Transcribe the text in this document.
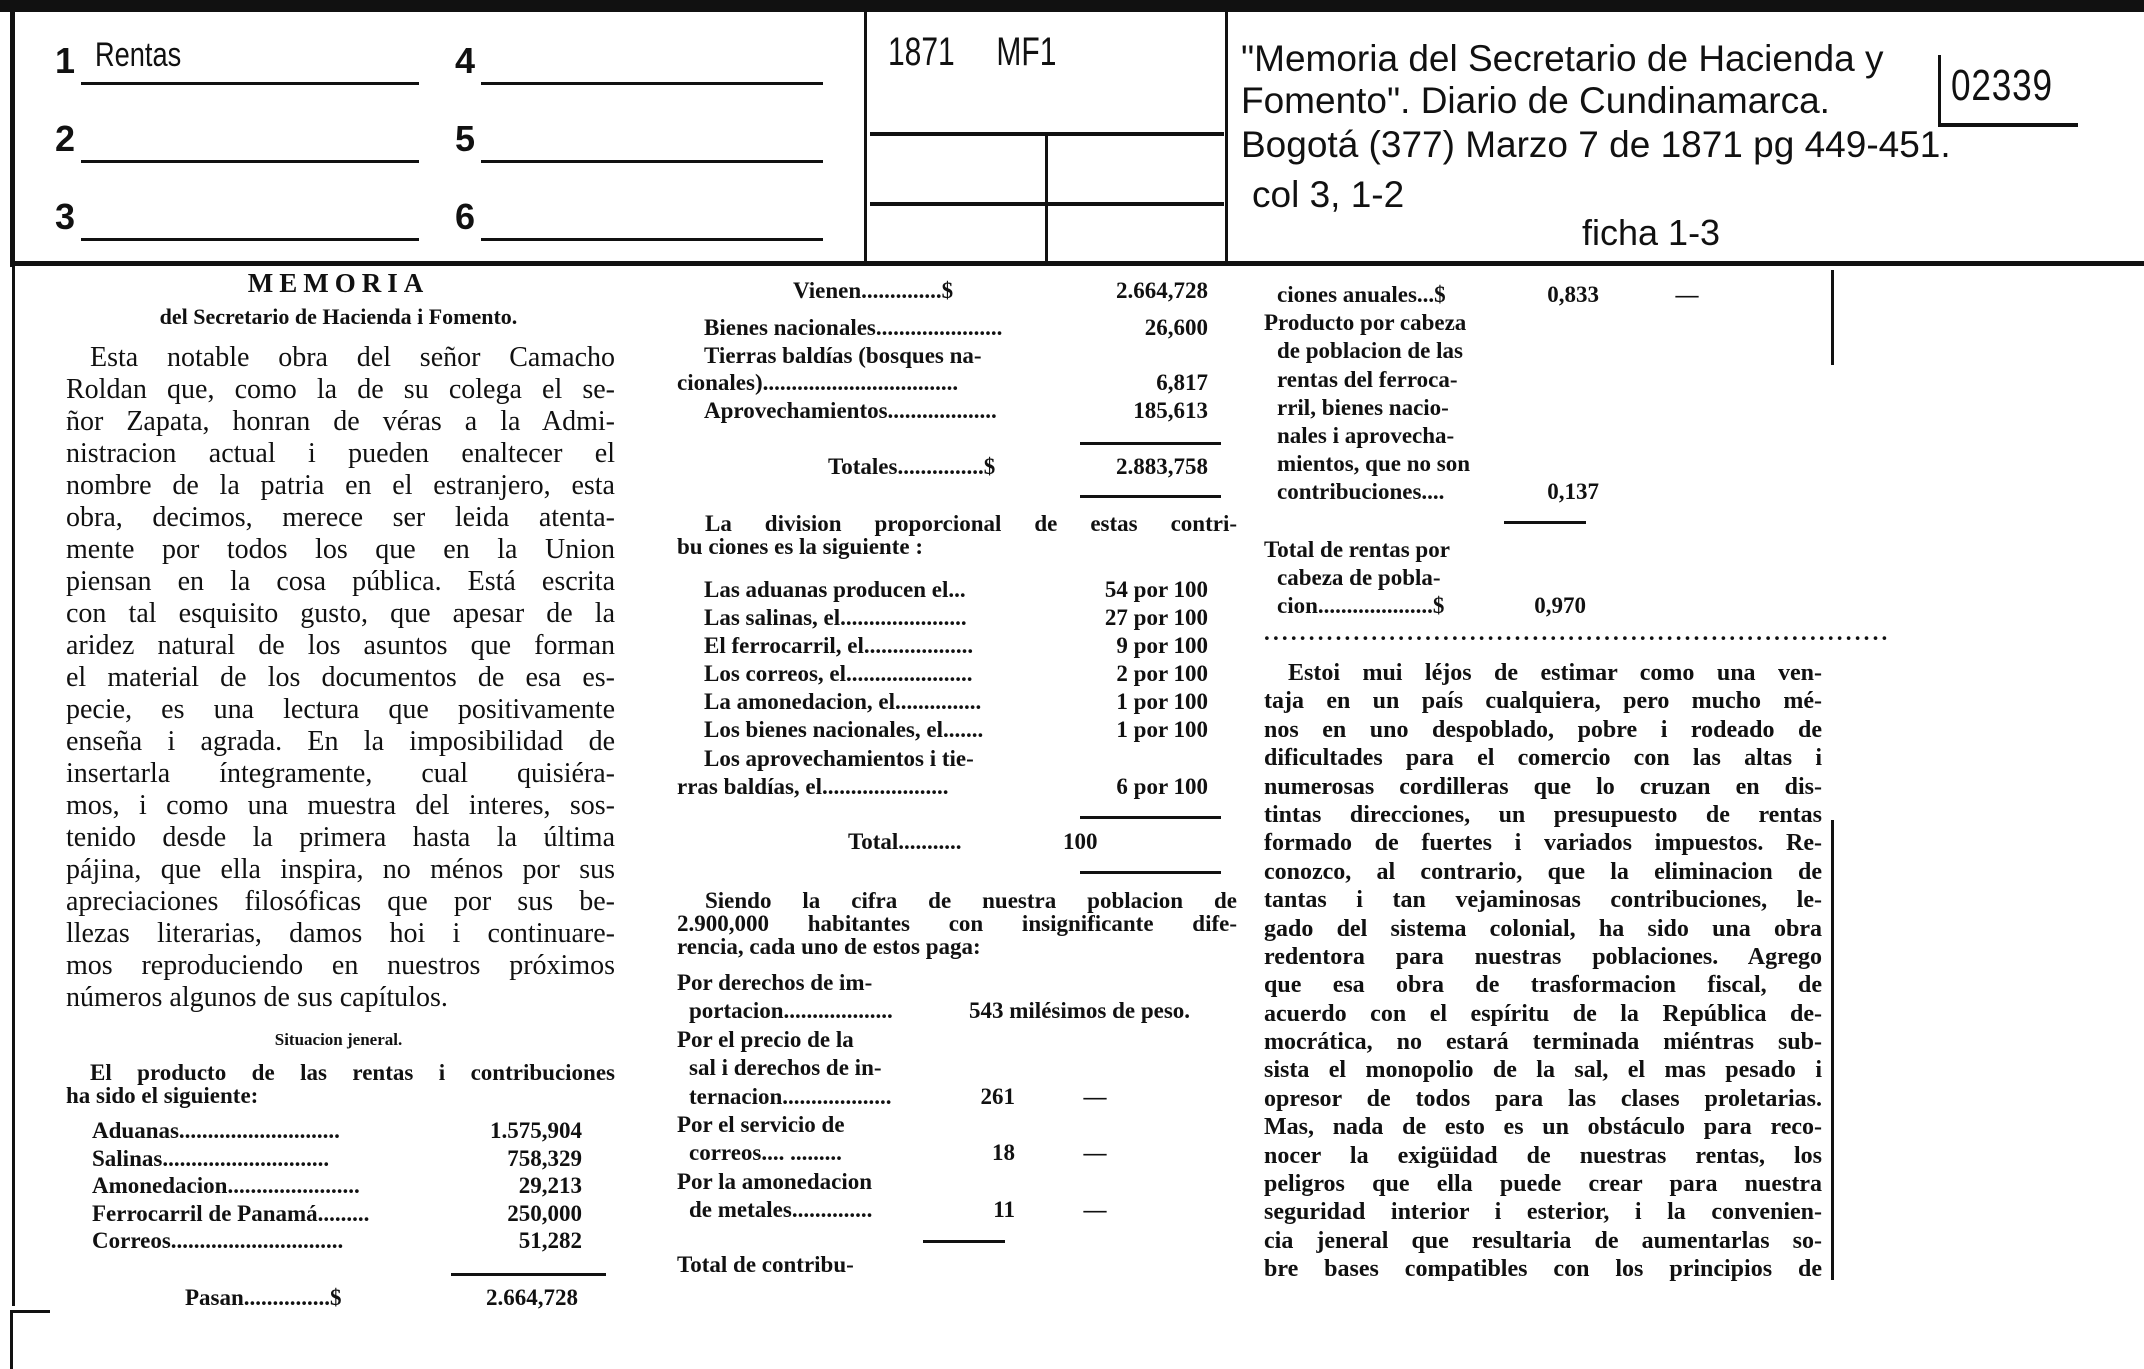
1 Rentas
2
3
4
5
6
1871     MF1	"Memoria del Secretario de Hacienda y
Fomento". Diario de Cundinamarca.
Bogotá (377) Marzo 7 de 1871 pg 449-451.
col 3, 1-2
ficha 1-3
02339
MEMORIA
del Secretario de Hacienda i Fomento.
Esta notable obra del señor Camacho
Roldan que, como la de su colega el se-
ñor Zapata, honran de véras a la Admi-
nistracion actual i pueden enaltecer el
nombre de la patria en el estranjero, esta
obra, decimos, merece ser leida atenta-
mente por todos los que en la Union
piensan en la cosa pública. Está escrita
con tal esquisito gusto, que apesar de la
aridez natural de los asuntos que forman
el material de los documentos de esa es-
pecie, es una lectura que positivamente
enseña i agrada. En la imposibilidad de
insertarla íntegramente, cual quisiéra-
mos, i como una muestra del interes, sos-
tenido desde la primera hasta la última
pájina, que ella inspira, no ménos por sus
apreciaciones filosóficas que por sus be-
llezas literarias, damos hoi i continuare-
mos reproduciendo en nuestros próximos
números algunos de sus capítulos.
Situacion jeneral.
El producto de las rentas i contribuciones
ha sido el siguiente:
Aduanas............................	1.575,904
Salinas.............................	758,329
Amonedacion.......................	29,213
Ferrocarril de Panamá.........	250,000
Correos..............................	51,282
Pasan...............$	2.664,728
Vienen..............$	2.664,728
Bienes nacionales......................	26,600
Tierras baldías (bosques na-
cionales)..................................	6,817
Aprovechamientos...................	185,613
Totales...............$	2.883,758
La division proporcional de estas contri-
bu ciones es la siguiente :
Las aduanas producen el...	54 por 100
Las salinas, el......................	27 por 100
El ferrocarril, el...................	9 por 100
Los correos, el......................	2 por 100
La amonedacion, el...............	1 por 100
Los bienes nacionales, el.......	1 por 100
Los aprovechamientos i tie-
rras baldías, el......................	6 por 100
Total...........	100
Siendo la cifra de nuestra poblacion de
2.900,000 habitantes con insignificante dife-
rencia, cada uno de estos paga:
Por derechos de im-
portacion...................	543 milésimos de peso.
Por el precio de la
sal i derechos de in-
ternacion...................	261	—
Por el servicio de
correos.... .........	18	—
Por la amonedacion
de metales..............	11	—
Total de contribu-
ciones anuales...$	0,833	—
Producto por cabeza
de poblacion de las
rentas del ferroca-
rril, bienes nacio-
nales i aprovecha-
mientos, que no son
contribuciones....	0,137
Total de rentas por
cabeza de pobla-
cion....................$	0,970
......................................................................
Estoi mui léjos de estimar como una ven-
taja en un país cualquiera, pero mucho mé-
nos en uno despoblado, pobre i rodeado de
dificultades para el comercio con las altas i
numerosas cordilleras que lo cruzan en dis-
tintas direcciones, un presupuesto de rentas
formado de fuertes i variados impuestos. Re-
conozco, al contrario, que la eliminacion de
tantas i tan vejaminosas contribuciones, le-
gado del sistema colonial, ha sido una obra
redentora para nuestras poblaciones. Agrego
que esa obra de trasformacion fiscal, de
acuerdo con el espíritu de la República de-
mocrática, no estará terminada miéntras sub-
sista el monopolio de la sal, el mas pesado i
opresor de todos para las clases proletarias.
Mas, nada de esto es un obstáculo para reco-
nocer la exigüidad de nuestras rentas, los
peligros que ella puede crear para nuestra
seguridad interior i esterior, i la convenien-
cia jeneral que resultaria de aumentarlas so-
bre bases compatibles con los principios de
